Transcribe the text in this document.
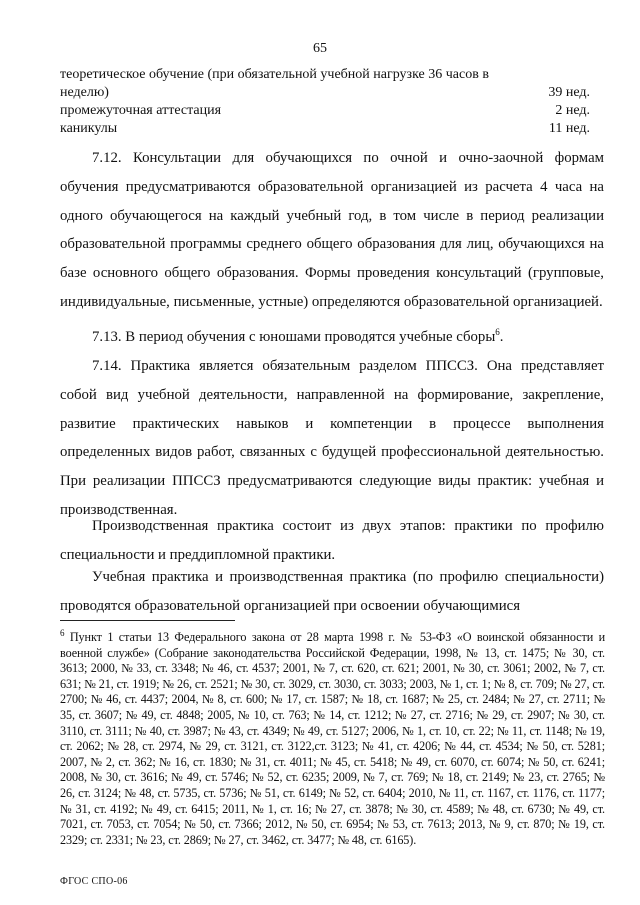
65
теоретическое обучение (при обязательной учебной нагрузке 36 часов в
неделю)	39 нед.
промежуточная аттестация	2 нед.
каникулы	11 нед.

7.12. Консультации для обучающихся по очной и очно-заочной формам обучения предусматриваются образовательной организацией из расчета 4 часа на одного обучающегося на каждый учебный год, в том числе в период реализации образовательной программы среднего общего образования для лиц, обучающихся на базе основного общего образования. Формы проведения консультаций (групповые, индивидуальные, письменные, устные) определяются образовательной организацией.

7.13. В период обучения с юношами проводятся учебные сборы$^6$.

7.14. Практика является обязательным разделом ППССЗ. Она представляет собой вид учебной деятельности, направленной на формирование, закрепление, развитие практических навыков и компетенции в процессе выполнения определенных видов работ, связанных с будущей профессиональной деятельностью. При реализации ППССЗ предусматриваются следующие виды практик: учебная и производственная.

Производственная практика состоит из двух этапов: практики по профилю специальности и преддипломной практики.

Учебная практика и производственная практика (по профилю специальности) проводятся образовательной организацией при освоении обучающимися

$^6$ Пункт 1 статьи 13 Федерального закона от 28 марта 1998 г. № 53-ФЗ «О воинской обязанности и военной службе» (Собрание законодательства Российской Федерации, 1998, № 13, ст. 1475; № 30, ст. 3613; 2000, № 33, ст. 3348; № 46, ст. 4537; 2001, № 7, ст. 620, ст. 621; 2001, № 30, ст. 3061; 2002, № 7, ст. 631; № 21, ст. 1919; № 26, ст. 2521; № 30, ст. 3029, ст. 3030, ст. 3033; 2003, № 1, ст. 1; № 8, ст. 709; № 27, ст. 2700; № 46, ст. 4437; 2004, № 8, ст. 600; № 17, ст. 1587; № 18, ст. 1687; № 25, ст. 2484; № 27, ст. 2711; № 35, ст. 3607; № 49, ст. 4848; 2005, № 10, ст. 763; № 14, ст. 1212; № 27, ст. 2716; № 29, ст. 2907; № 30, ст. 3110, ст. 3111; № 40, ст. 3987; № 43, ст. 4349; № 49, ст. 5127; 2006, № 1, ст. 10, ст. 22; № 11, ст. 1148; № 19, ст. 2062; № 28, ст. 2974, № 29, ст. 3121, ст. 3122,ст. 3123; № 41, ст. 4206; № 44, ст. 4534; № 50, ст. 5281; 2007, № 2, ст. 362; № 16, ст. 1830; № 31, ст. 4011; № 45, ст. 5418; № 49, ст. 6070, ст. 6074; № 50, ст. 6241; 2008, № 30, ст. 3616; № 49, ст. 5746; № 52, ст. 6235; 2009, № 7, ст. 769; № 18, ст. 2149; № 23, ст. 2765; № 26, ст. 3124; № 48, ст. 5735, ст. 5736; № 51, ст. 6149; № 52, ст. 6404; 2010, № 11, ст. 1167, ст. 1176, ст. 1177; № 31, ст. 4192; № 49, ст. 6415; 2011, № 1, ст. 16; № 27, ст. 3878; № 30, ст. 4589; № 48, ст. 6730; № 49, ст. 7021, ст. 7053, ст. 7054; № 50, ст. 7366; 2012, № 50, ст. 6954; № 53, ст. 7613; 2013, № 9, ст. 870; № 19, ст. 2329; ст. 2331; № 23, ст. 2869; № 27, ст. 3462, ст. 3477; № 48, ст. 6165).

ФГОС СПО-06
